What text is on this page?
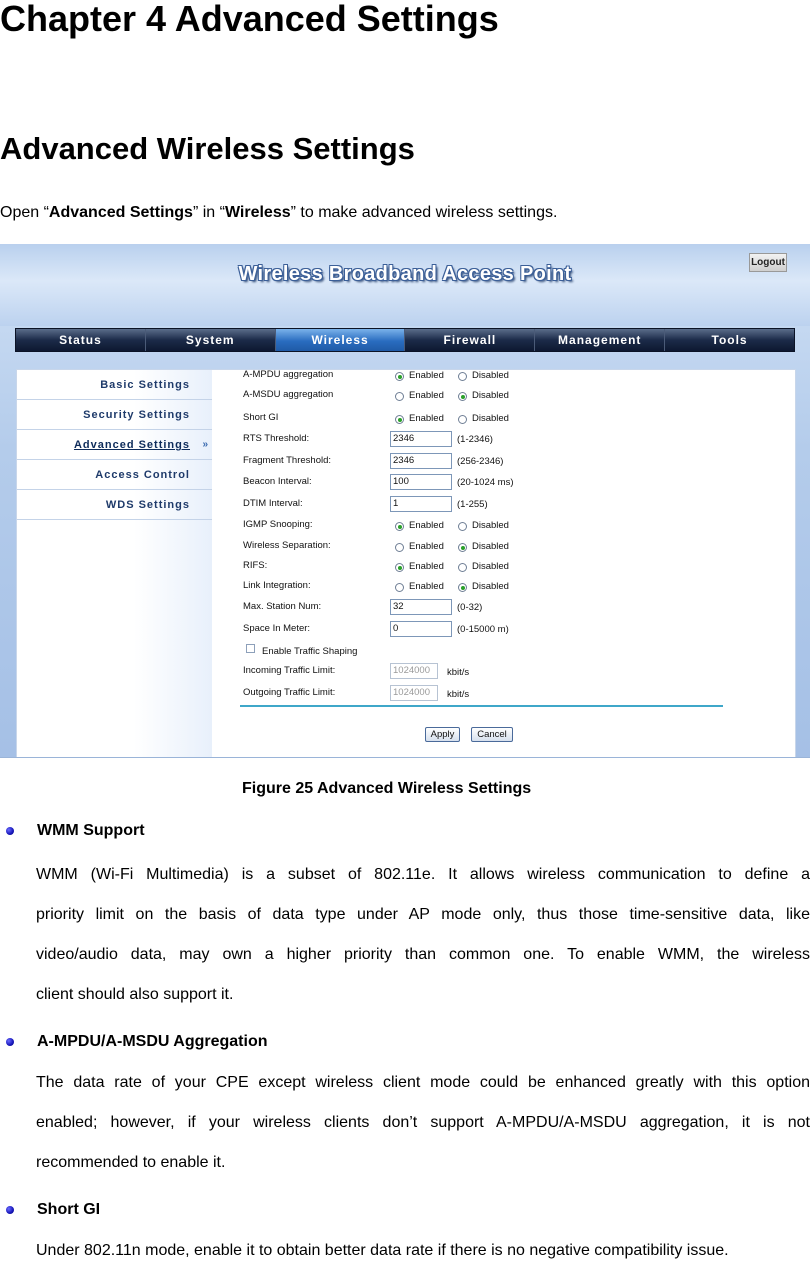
Chapter 4 Advanced Settings
Advanced Wireless Settings
Open “Advanced Settings” in “Wireless” to make advanced wireless settings.
Wireless Broadband Access Point
Logout
Status	System	Wireless	Firewall	Management	Tools
Basic Settings
Security Settings
Advanced Settings »
Access Control
WDS Settings
A-MPDU aggregation	Enabled	Disabled
A-MSDU aggregation	Enabled	Disabled
Short GI	Enabled	Disabled
RTS Threshold:	2346	(1-2346)
Fragment Threshold:	2346	(256-2346)
Beacon Interval:	100	(20-1024 ms)
DTIM Interval:	1	(1-255)
IGMP Snooping:	Enabled	Disabled
Wireless Separation:	Enabled	Disabled
RIFS:	Enabled	Disabled
Link Integration:	Enabled	Disabled
Max. Station Num:	32	(0-32)
Space In Meter:	0	(0-15000 m)
Enable Traffic Shaping
Incoming Traffic Limit:	1024000	kbit/s
Outgoing Traffic Limit:	1024000	kbit/s
Apply	Cancel
Figure 25 Advanced Wireless Settings
WMM Support
WMM (Wi-Fi Multimedia) is a subset of 802.11e. It allows wireless communication to define a
priority limit on the basis of data type under AP mode only, thus those time-sensitive data, like
video/audio data, may own a higher priority than common one. To enable WMM, the wireless
client should also support it.
A-MPDU/A-MSDU Aggregation
The data rate of your CPE except wireless client mode could be enhanced greatly with this option
enabled; however, if your wireless clients don’t support A-MPDU/A-MSDU aggregation, it is not
recommended to enable it.
Short GI
Under 802.11n mode, enable it to obtain better data rate if there is no negative compatibility issue.
